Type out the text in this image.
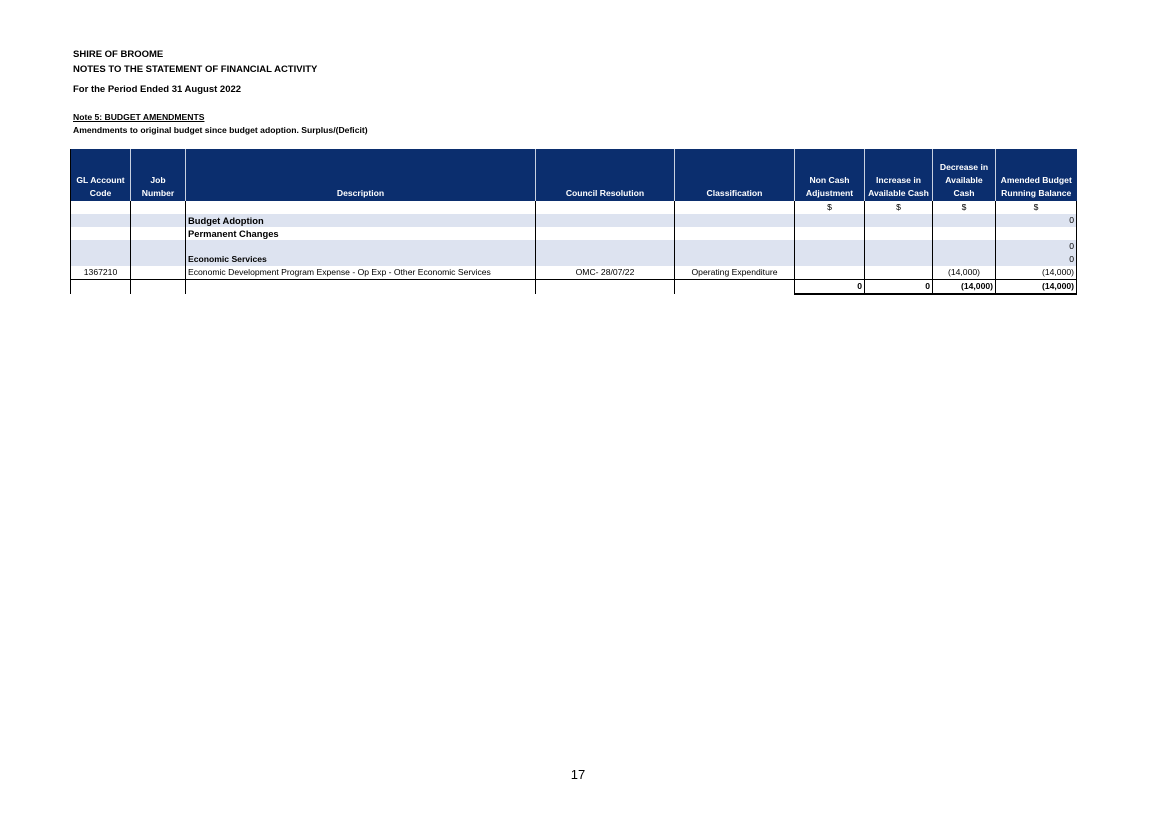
SHIRE OF BROOME
NOTES TO THE STATEMENT OF FINANCIAL ACTIVITY
For the Period Ended 31 August 2022
Note 5: BUDGET AMENDMENTS
Amendments to original budget since budget adoption. Surplus/(Deficit)
GL Account Code	Job Number	Description	Council Resolution	Classification	Non Cash Adjustment	Increase in Available Cash	Decrease in Available Cash	Amended Budget Running Balance
					$	$	$	$
		Budget Adoption						0
		Permanent Changes						
								0

		Economic Services						0
1367210		Economic Development Program Expense - Op Exp - Other Economic Services	OMC- 28/07/22	Operating Expenditure			(14,000)	(14,000)
					0	0	(14,000)	(14,000)
17
